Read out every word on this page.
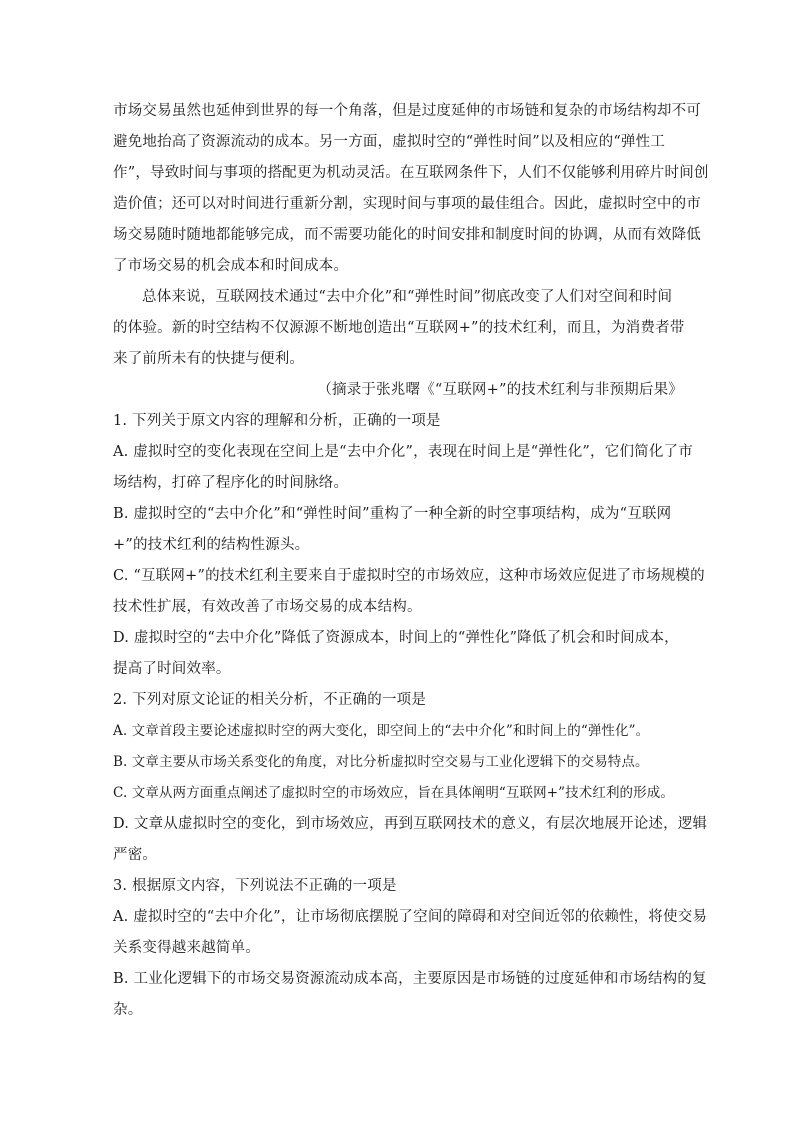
市场交易虽然也延伸到世界的每一个角落，但是过度延伸的市场链和复杂的市场结构却不可
避免地抬高了资源流动的成本。另一方面，虚拟时空的“弹性时间”以及相应的“弹性工
作”，导致时间与事项的搭配更为机动灵活。在互联网条件下，人们不仅能够利用碎片时间创
造价值；还可以对时间进行重新分割，实现时间与事项的最佳组合。因此，虚拟时空中的市
场交易随时随地都能够完成，而不需要功能化的时间安排和制度时间的协调，从而有效降低
了市场交易的机会成本和时间成本。
总体来说，互联网技术通过“去中介化”和“弹性时间”彻底改变了人们对空间和时间
的体验。新的时空结构不仅源源不断地创造出“互联网+”的技术红利，而且，为消费者带
来了前所未有的快捷与便利。
（摘录于张兆曙《“互联网+”的技术红利与非预期后果》
1. 下列关于原文内容的理解和分析，正确的一项是
A. 虚拟时空的变化表现在空间上是“去中介化”，表现在时间上是“弹性化”，它们简化了市
场结构，打碎了程序化的时间脉络。
B. 虚拟时空的“去中介化”和“弹性时间”重构了一种全新的时空事项结构，成为“互联网
+”的技术红利的结构性源头。
C. “互联网+”的技术红利主要来自于虚拟时空的市场效应，这种市场效应促进了市场规模的
技术性扩展，有效改善了市场交易的成本结构。
D. 虚拟时空的“去中介化”降低了资源成本，时间上的“弹性化”降低了机会和时间成本，
提高了时间效率。
2. 下列对原文论证的相关分析，不正确的一项是
A. 文章首段主要论述虚拟时空的两大变化，即空间上的“去中介化”和时间上的“弹性化”。
B. 文章主要从市场关系变化的角度，对比分析虚拟时空交易与工业化逻辑下的交易特点。
C. 文章从两方面重点阐述了虚拟时空的市场效应，旨在具体阐明“互联网+”技术红利的形成。
D. 文章从虚拟时空的变化，到市场效应，再到互联网技术的意义，有层次地展开论述，逻辑
严密。
3. 根据原文内容，下列说法不正确的一项是
A. 虚拟时空的“去中介化”，让市场彻底摆脱了空间的障碍和对空间近邻的依赖性，将使交易
关系变得越来越简单。
B. 工业化逻辑下的市场交易资源流动成本高，主要原因是市场链的过度延伸和市场结构的复
杂。
